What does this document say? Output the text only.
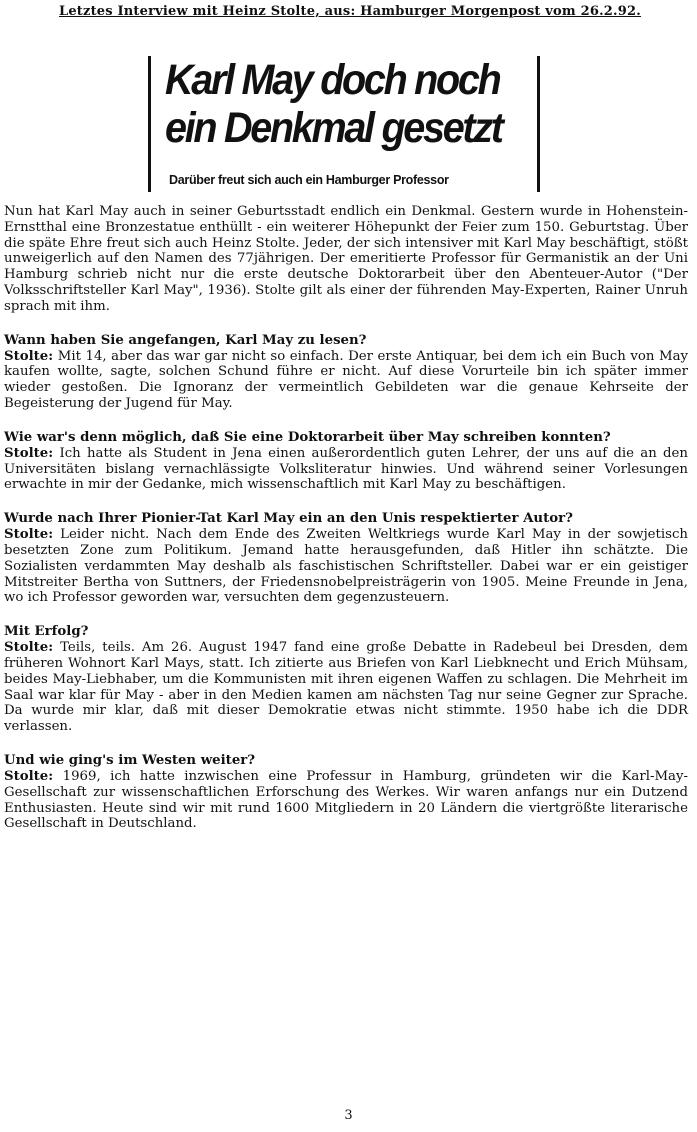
Letztes Interview mit Heinz Stolte, aus: Hamburger Morgenpost vom 26.2.92.
Karl May doch noch
ein Denkmal gesetzt
Darüber freut sich auch ein Hamburger Professor

Nun hat Karl May auch in seiner Geburtsstadt endlich ein Denkmal. Gestern wurde in Hohenstein-Ernstthal eine Bronzestatue enthüllt - ein weiterer Höhepunkt der Feier zum 150. Geburtstag. Über die späte Ehre freut sich auch Heinz Stolte. Jeder, der sich intensiver mit Karl May beschäftigt, stößt unweigerlich auf den Namen des 77jährigen. Der emeritierte Professor für Germanistik an der Uni Hamburg schrieb nicht nur die erste deutsche Doktorarbeit über den Abenteuer-Autor ("Der Volksschriftsteller Karl May", 1936). Stolte gilt als einer der führenden May-Experten, Rainer Unruh sprach mit ihm.

Wann haben Sie angefangen, Karl May zu lesen?

Stolte: Mit 14, aber das war gar nicht so einfach. Der erste Antiquar, bei dem ich ein Buch von May kaufen wollte, sagte, solchen Schund führe er nicht. Auf diese Vorurteile bin ich später immer wieder gestoßen. Die Ignoranz der vermeintlich Gebildeten war die genaue Kehrseite der Begeisterung der Jugend für May.

Wie war's denn möglich, daß Sie eine Doktorarbeit über May schreiben konnten?

Stolte: Ich hatte als Student in Jena einen außerordentlich guten Lehrer, der uns auf die an den Universitäten bislang vernachlässigte Volksliteratur hinwies. Und während seiner Vorlesungen erwachte in mir der Gedanke, mich wissenschaftlich mit Karl May zu beschäftigen.

Wurde nach Ihrer Pionier-Tat Karl May ein an den Unis respektierter Autor?

Stolte: Leider nicht. Nach dem Ende des Zweiten Weltkriegs wurde Karl May in der sowjetisch besetzten Zone zum Politikum. Jemand hatte herausgefunden, daß Hitler ihn schätzte. Die Sozialisten verdammten May deshalb als faschistischen Schriftsteller. Dabei war er ein geistiger Mitstreiter Bertha von Suttners, der Friedensnobelpreisträgerin von 1905. Meine Freunde in Jena, wo ich Professor geworden war, versuchten dem gegenzusteuern.

Mit Erfolg?

Stolte: Teils, teils. Am 26. August 1947 fand eine große Debatte in Radebeul bei Dresden, dem früheren Wohnort Karl Mays, statt. Ich zitierte aus Briefen von Karl Liebknecht und Erich Mühsam, beides May-Liebhaber, um die Kommunisten mit ihren eigenen Waffen zu schlagen. Die Mehrheit im Saal war klar für May - aber in den Medien kamen am nächsten Tag nur seine Gegner zur Sprache. Da wurde mir klar, daß mit dieser Demokratie etwas nicht stimmte. 1950 habe ich die DDR verlassen.

Und wie ging's im Westen weiter?

Stolte: 1969, ich hatte inzwischen eine Professur in Hamburg, gründeten wir die Karl-May-Gesellschaft zur wissenschaftlichen Erforschung des Werkes. Wir waren anfangs nur ein Dutzend Enthusiasten. Heute sind wir mit rund 1600 Mitgliedern in 20 Ländern die viertgrößte literarische Gesellschaft in Deutschland.

3
